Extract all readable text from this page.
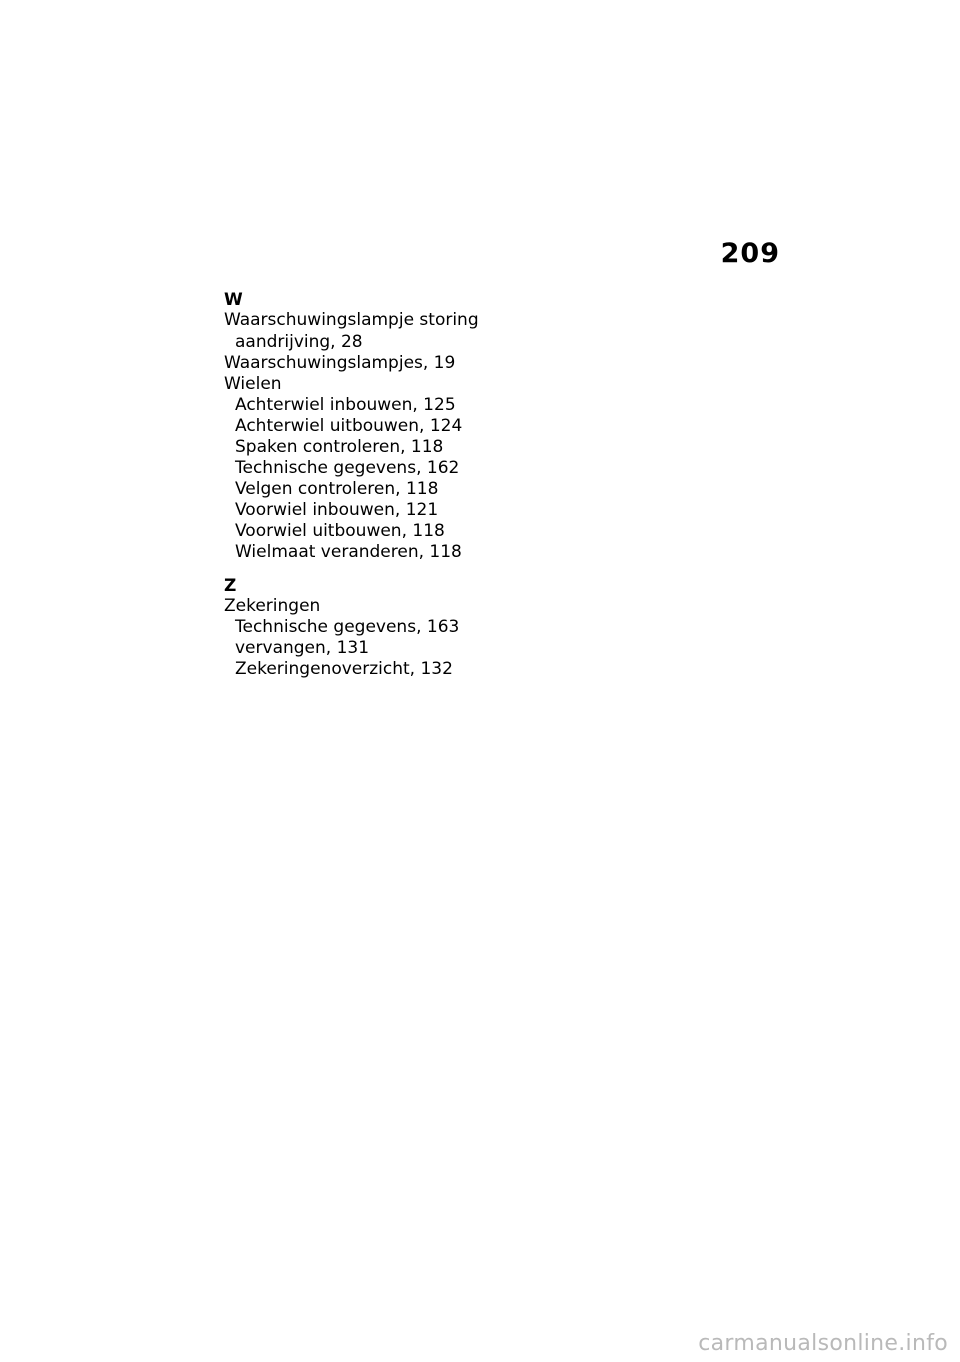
209
W
Waarschuwingslampje storing
aandrijving, 28
Waarschuwingslampjes, 19
Wielen
Achterwiel inbouwen, 125
Achterwiel uitbouwen, 124
Spaken controleren, 118
Technische gegevens, 162
Velgen controleren, 118
Voorwiel inbouwen, 121
Voorwiel uitbouwen, 118
Wielmaat veranderen, 118
Z
Zekeringen
Technische gegevens, 163
vervangen, 131
Zekeringenoverzicht, 132
carmanualsonline.info
